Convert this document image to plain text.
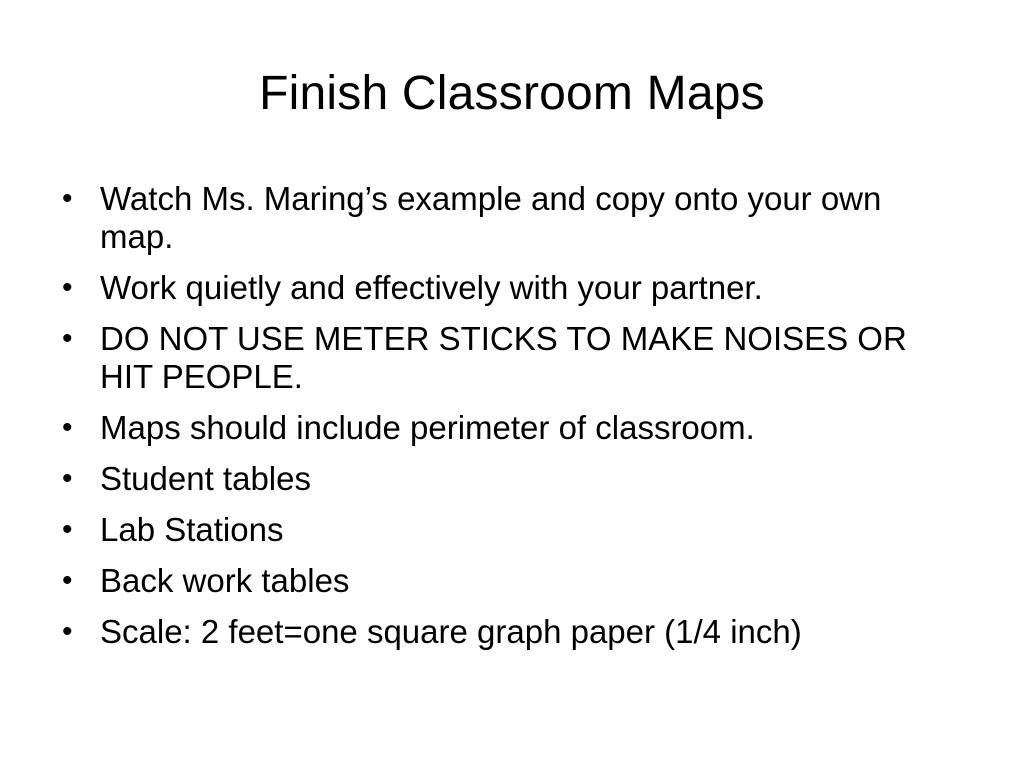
Finish Classroom Maps
• Watch Ms. Maring’s example and copy onto your own map.
• Work quietly and effectively with your partner.
• DO NOT USE METER STICKS TO MAKE NOISES OR HIT PEOPLE.
• Maps should include perimeter of classroom.
• Student tables
• Lab Stations
• Back work tables
• Scale: 2 feet=one square graph paper (1/4 inch)
